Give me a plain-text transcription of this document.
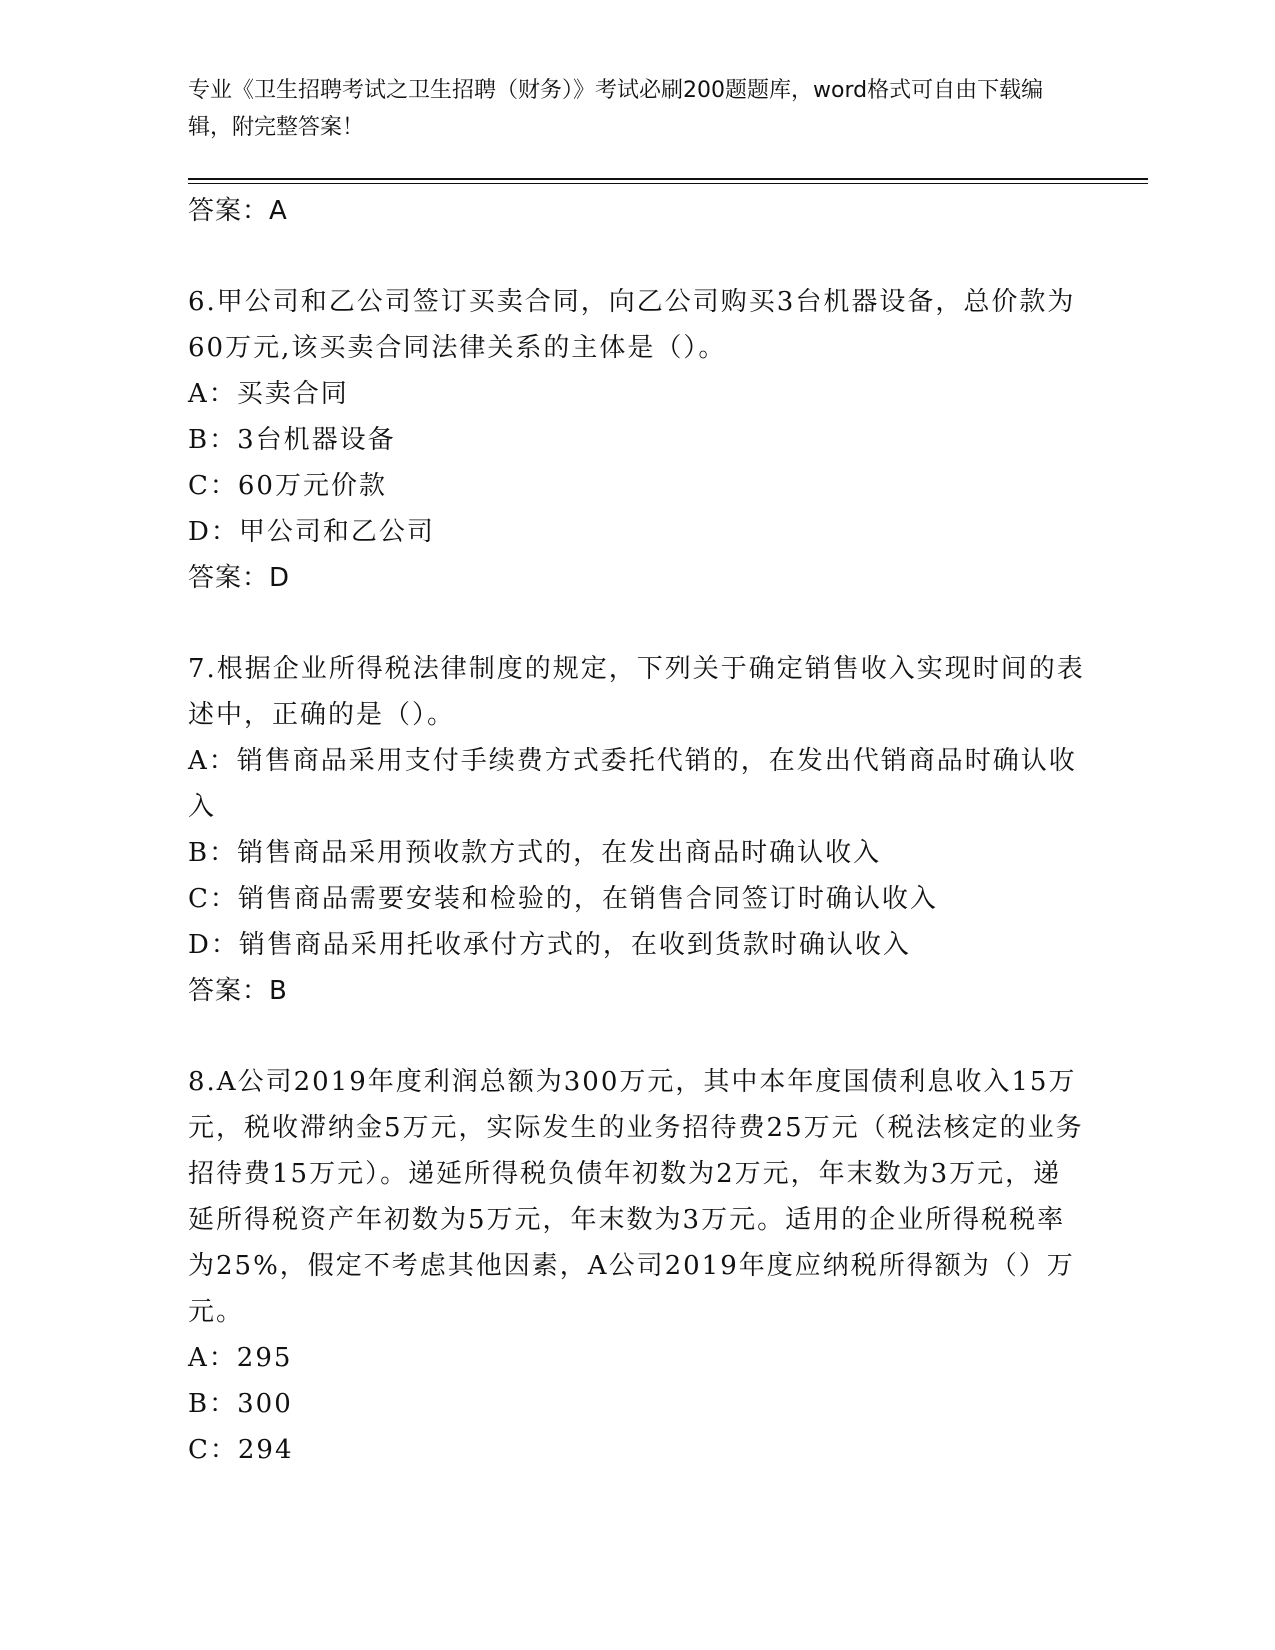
专业《卫生招聘考试之卫生招聘（财务）》考试必刷200题题库，word格式可自由下载编辑，附完整答案！

答案：A

6.甲公司和乙公司签订买卖合同，向乙公司购买3台机器设备，总价款为60万元,该买卖合同法律关系的主体是（）。

A：买卖合同

B：3台机器设备

C：60万元价款

D：甲公司和乙公司

答案：D

7.根据企业所得税法律制度的规定，下列关于确定销售收入实现时间的表述中，正确的是（）。

A：销售商品采用支付手续费方式委托代销的，在发出代销商品时确认收入

B：销售商品采用预收款方式的，在发出商品时确认收入

C：销售商品需要安装和检验的，在销售合同签订时确认收入

D：销售商品采用托收承付方式的，在收到货款时确认收入

答案：B

8.A公司2019年度利润总额为300万元，其中本年度国债利息收入15万元，税收滞纳金5万元，实际发生的业务招待费25万元（税法核定的业务招待费15万元）。递延所得税负债年初数为2万元，年末数为3万元，递延所得税资产年初数为5万元，年末数为3万元。适用的企业所得税税率为25%，假定不考虑其他因素，A公司2019年度应纳税所得额为（）万元。

A：295

B：300

C：294
